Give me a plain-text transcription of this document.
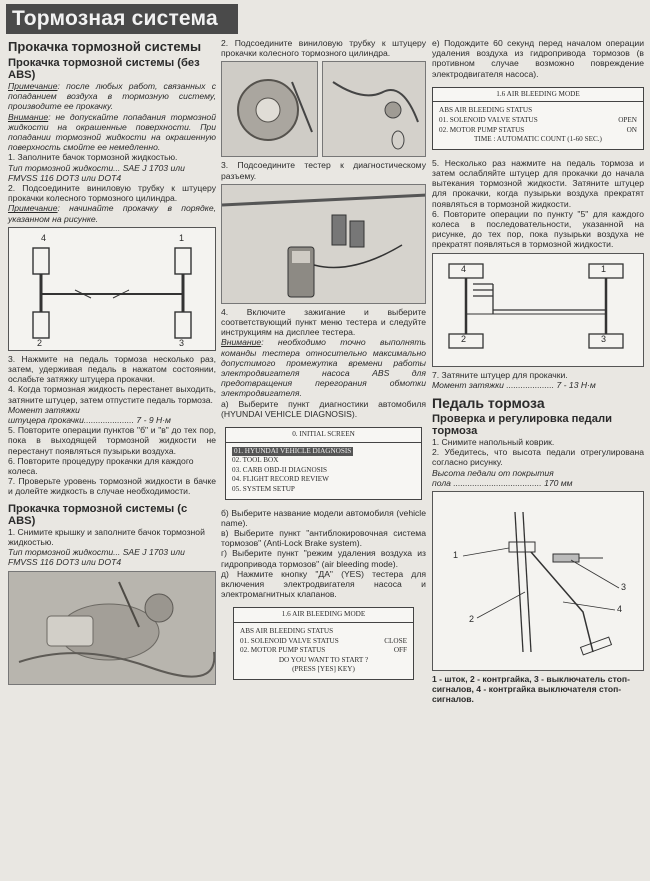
Тормозная система
Прокачка тормозной системы
Прокачка тормозной системы (без ABS)

Примечание: после любых работ, связанных с попаданием воздуха в тормозную систему, производите ее прокачку.

Внимание: не допускайте попадания тормозной жидкости на окрашенные поверхности. При попадании тормозной жидкости на окрашенную поверхность смойте ее немедленно.

1. Заполните бачок тормозной жидкостью.

Тип тормозной жидкости... SAE J 1703 или FMVSS 116 DOT3 или DOT4

2. Подсоедините виниловую трубку к штуцеру прокачки колесного тормозного цилиндра.

Примечание: начинайте прокачку в порядке, указанном на рисунке.

4	1
2	3

3. Нажмите на педаль тормоза несколько раз, затем, удерживая педаль в нажатом состоянии, ослабьте затяжку штуцера прокачки.

4. Когда тормозная жидкость перестанет выходить, затяните штуцер, затем отпустите педаль тормоза.

Момент затяжки

штуцера прокачки..................... 7 - 9 Н·м

5. Повторите операции пунктов "б" и "в" до тех пор, пока в выходящей тормозной жидкости не перестанут появляться пузырьки воздуха.

6. Повторите процедуру прокачки для каждого колеса.

7. Проверьте уровень тормозной жидкости в бачке и долейте жидкость в случае необходимости.

Прокачка тормозной системы (с ABS)

1. Снимите крышку и заполните бачок тормозной жидкостью.

Тип тормозной жидкости... SAE J 1703 или FMVSS 116 DOT3 или DOT4

2. Подсоедините виниловую трубку к штуцеру прокачки колесного тормозного цилиндра.

3. Подсоедините тестер к диагностическому разъему.

4. Включите зажигание и выберите соответствующий пункт меню тестера и следуйте инструкциям на дисплее тестера.

Внимание: необходимо точно выполнять команды тестера относительно максимально допустимого промежутка времени работы электродвигателя насоса ABS для предотвращения перегорания обмотки электродвигателя.

а) Выберите пункт диагностики автомобиля (HYUNDAI VEHICLE DIAGNOSIS).

0. INITIAL SCREEN
01. HYUNDAI VEHICLE DIAGNOSIS
02. TOOL BOX
03. CARB OBD-II DIAGNOSIS
04. FLIGHT RECORD REVIEW
05. SYSTEM SETUP

б) Выберите название модели автомобиля (vehicle name).

в) Выберите пункт "антиблокировочная система тормозов" (Anti-Lock Brake system).

г) Выберите пункт "режим удаления воздуха из гидропривода тормозов" (air bleeding mode).

д) Нажмите кнопку "ДА" (YES) тестера для включения электродвигателя насоса и электромагнитных клапанов.

1.6 AIR BLEEDING MODE
ABS AIR BLEEDING STATUS
01. SOLENOID VALVE STATUS	CLOSE
02. MOTOR PUMP STATUS	OFF
DO YOU WANT TO START ?
(PRESS [YES] KEY)

е) Подождите 60 секунд перед началом операции удаления воздуха из гидропривода тормозов (в противном случае возможно повреждение электродвигателя насоса).

1.6 AIR BLEEDING MODE
ABS AIR BLEEDING STATUS
01. SOLENOID VALVE STATUS	OPEN
02. MOTOR PUMP STATUS	ON
TIME : AUTOMATIC COUNT (1-60 SEC.)

5. Несколько раз нажмите на педаль тормоза и затем ослабляйте штуцер для прокачки до начала вытекания тормозной жидкости. Затяните штуцер для прокачки, когда пузырьки воздуха прекратят появляться в тормозной жидкости.

6. Повторите операции по пункту "5" для каждого колеса в последовательности, указанной на рисунке, до тех пор, пока пузырьки воздуха не прекратят появляться в тормозной жидкости.

4	1
2	3

7. Затяните штуцер для прокачки.

Момент затяжки .................... 7 - 13 Н·м

Педаль тормоза
Проверка и регулировка педали тормоза

1. Снимите напольный коврик.

2. Убедитесь, что высота педали отрегулирована согласно рисунку.

Высота педали от покрытия

пола ..................................... 170 мм

1
2
3
4

1 - шток, 2 - контргайка, 3 - выключатель стоп-сигналов, 4 - контргайка выключателя стоп-сигналов.
